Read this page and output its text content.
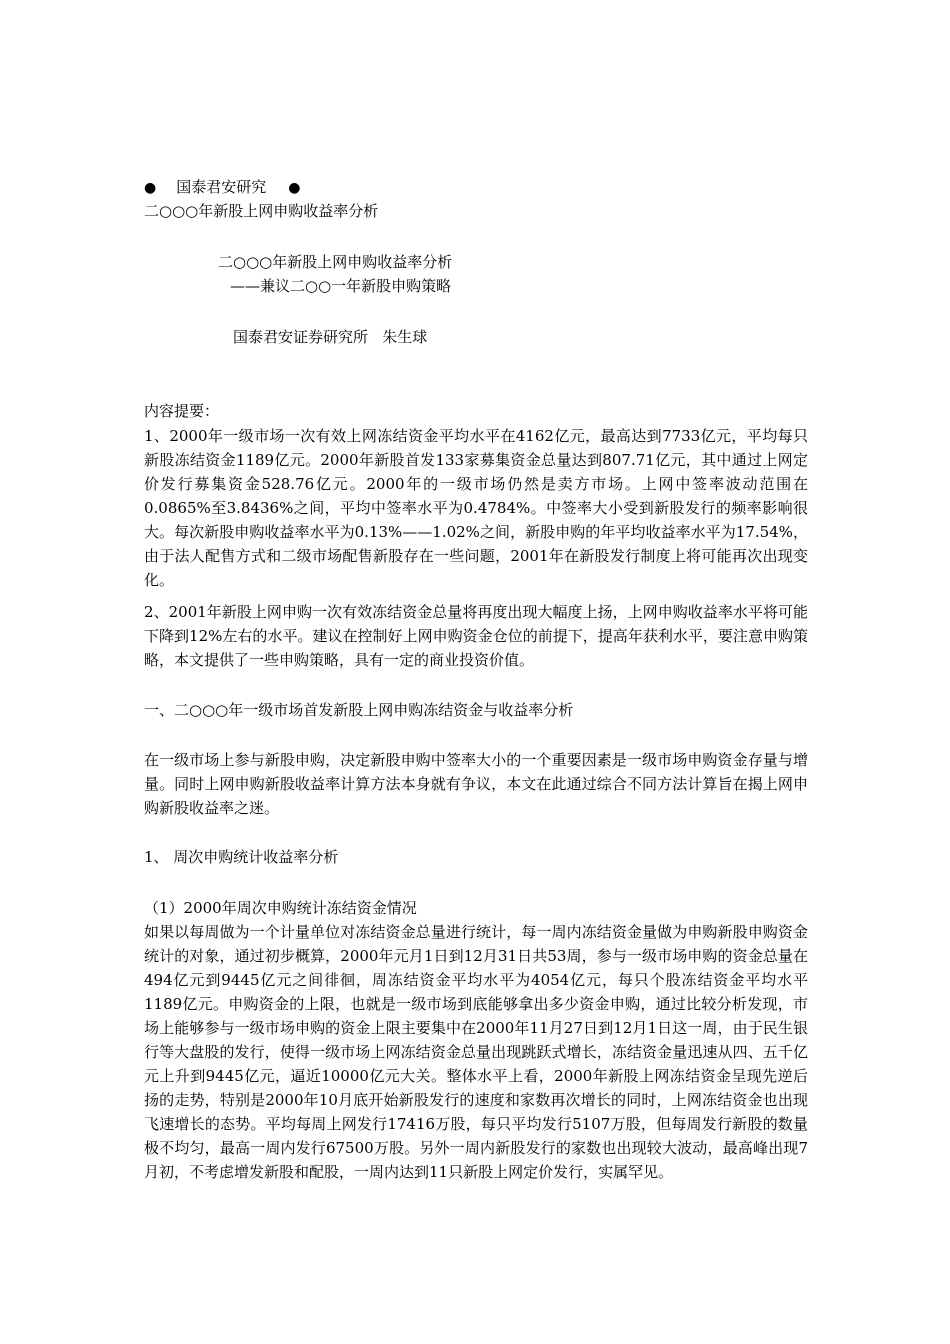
● 国泰君安研究 ●
二○○○年新股上网申购收益率分析
二○○○年新股上网申购收益率分析
——兼议二○○一年新股申购策略
国泰君安证券研究所   朱生球
内容提要：
1、2000年一级市场一次有效上网冻结资金平均水平在4162亿元，最高达到7733亿元，平均每只新股冻结资金1189亿元。2000年新股首发133家募集资金总量达到807.71亿元，其中通过上网定价发行募集资金528.76亿元。2000年的一级市场仍然是卖方市场。上网中签率波动范围在0.0865%至3.8436%之间，平均中签率水平为0.4784%。中签率大小受到新股发行的频率影响很大。每次新股申购收益率水平为0.13%——1.02%之间，新股申购的年平均收益率水平为17.54%，由于法人配售方式和二级市场配售新股存在一些问题，2001年在新股发行制度上将可能再次出现变化。
2、2001年新股上网申购一次有效冻结资金总量将再度出现大幅度上扬，上网申购收益率水平将可能下降到12%左右的水平。建议在控制好上网申购资金仓位的前提下，提高年获利水平，要注意申购策略，本文提供了一些申购策略，具有一定的商业投资价值。
一、二○○○年一级市场首发新股上网申购冻结资金与收益率分析
在一级市场上参与新股申购，决定新股申购中签率大小的一个重要因素是一级市场申购资金存量与增量。同时上网申购新股收益率计算方法本身就有争议，本文在此通过综合不同方法计算旨在揭上网申购新股收益率之迷。
1、 周次申购统计收益率分析
（1）2000年周次申购统计冻结资金情况
如果以每周做为一个计量单位对冻结资金总量进行统计，每一周内冻结资金量做为申购新股申购资金统计的对象，通过初步概算，2000年元月1日到12月31日共53周，参与一级市场申购的资金总量在494亿元到9445亿元之间徘徊，周冻结资金平均水平为4054亿元，每只个股冻结资金平均水平1189亿元。申购资金的上限，也就是一级市场到底能够拿出多少资金申购，通过比较分析发现，市场上能够参与一级市场申购的资金上限主要集中在2000年11月27日到12月1日这一周，由于民生银行等大盘股的发行，使得一级市场上网冻结资金总量出现跳跃式增长，冻结资金量迅速从四、五千亿元上升到9445亿元，逼近10000亿元大关。整体水平上看，2000年新股上网冻结资金呈现先逆后扬的走势，特别是2000年10月底开始新股发行的速度和家数再次增长的同时，上网冻结资金也出现飞速增长的态势。平均每周上网发行17416万股，每只平均发行5107万股，但每周发行新股的数量极不均匀，最高一周内发行67500万股。另外一周内新股发行的家数也出现较大波动，最高峰出现7月初，不考虑增发新股和配股，一周内达到11只新股上网定价发行，实属罕见。
